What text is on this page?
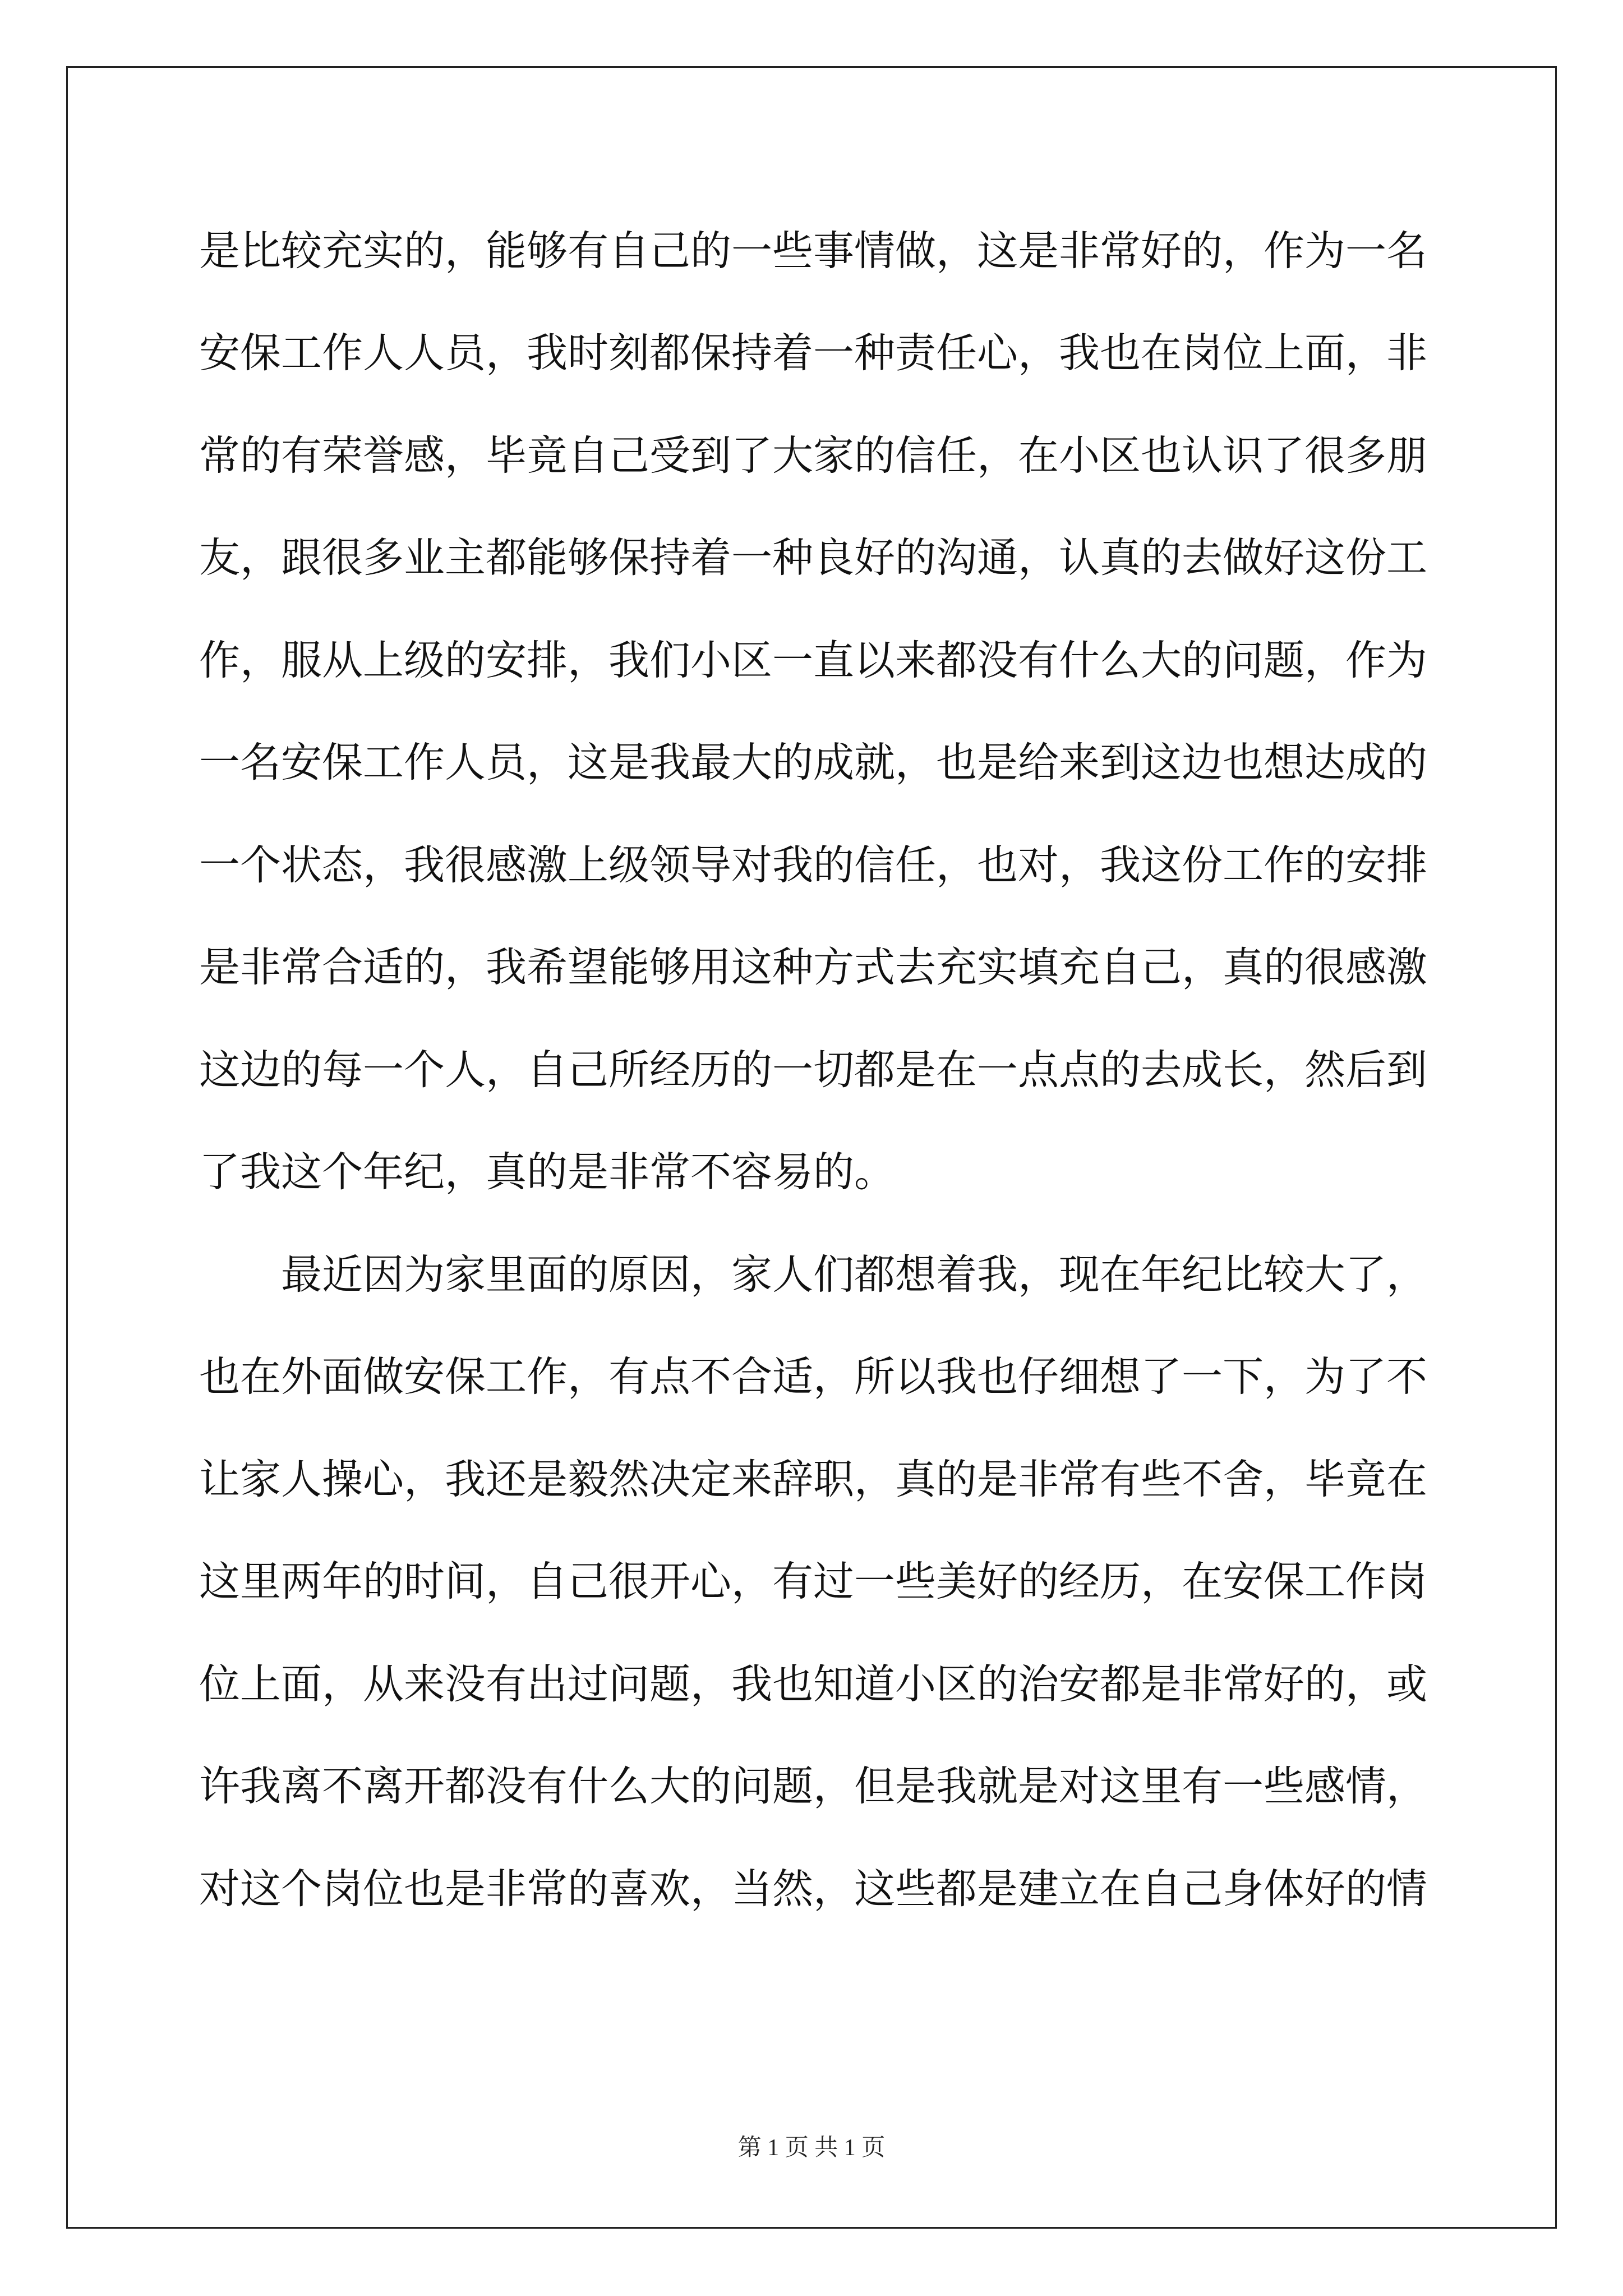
是比较充实的，能够有自己的一些事情做，这是非常好的，作为一名
安保工作人人员，我时刻都保持着一种责任心，我也在岗位上面，非
常的有荣誉感，毕竟自己受到了大家的信任，在小区也认识了很多朋
友，跟很多业主都能够保持着一种良好的沟通，认真的去做好这份工
作，服从上级的安排，我们小区一直以来都没有什么大的问题，作为
一名安保工作人员，这是我最大的成就，也是给来到这边也想达成的
一个状态，我很感激上级领导对我的信任，也对，我这份工作的安排
是非常合适的，我希望能够用这种方式去充实填充自己，真的很感激
这边的每一个人，自己所经历的一切都是在一点点的去成长，然后到
了我这个年纪，真的是非常不容易的。
最近因为家里面的原因，家人们都想着我，现在年纪比较大了，
也在外面做安保工作，有点不合适，所以我也仔细想了一下，为了不
让家人操心，我还是毅然决定来辞职，真的是非常有些不舍，毕竟在
这里两年的时间，自己很开心，有过一些美好的经历，在安保工作岗
位上面，从来没有出过问题，我也知道小区的治安都是非常好的，或
许我离不离开都没有什么大的问题，但是我就是对这里有一些感情，
对这个岗位也是非常的喜欢，当然，这些都是建立在自己身体好的情
第 1 页 共 1 页
